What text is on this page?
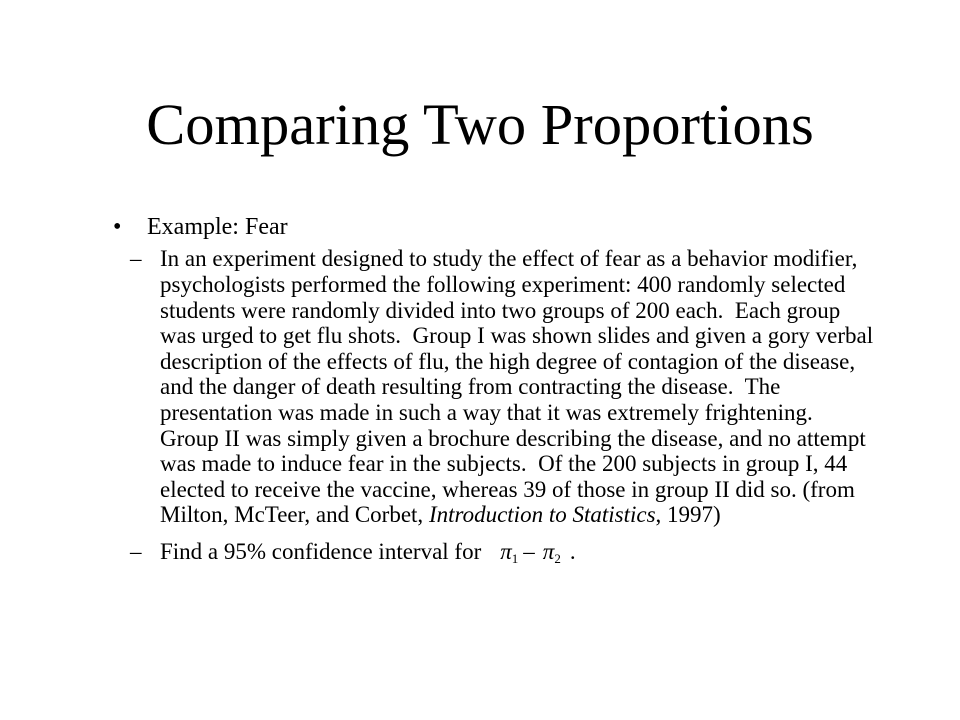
Comparing Two Proportions
• Example: Fear
– In an experiment designed to study the effect of fear as a behavior modifier,
psychologists performed the following experiment: 400 randomly selected
students were randomly divided into two groups of 200 each.  Each group
was urged to get flu shots.  Group I was shown slides and given a gory verbal
description of the effects of flu, the high degree of contagion of the disease,
and the danger of death resulting from contracting the disease.  The
presentation was made in such a way that it was extremely frightening.
Group II was simply given a brochure describing the disease, and no attempt
was made to induce fear in the subjects.  Of the 200 subjects in group I, 44
elected to receive the vaccine, whereas 39 of those in group II did so. (from
Milton, McTeer, and Corbet, Introduction to Statistics, 1997)
– Find a 95% confidence interval for π1 – π2 .
